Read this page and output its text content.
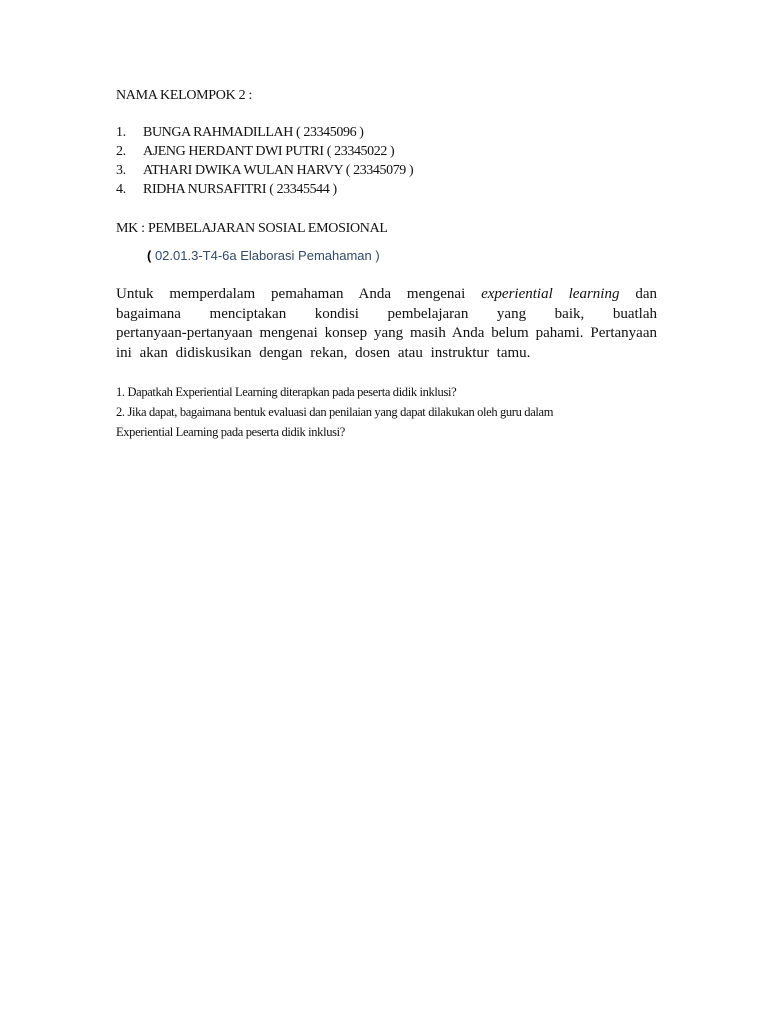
NAMA KELOMPOK 2 :
1. BUNGA RAHMADILLAH ( 23345096 )
2. AJENG HERDANT DWI PUTRI ( 23345022 )
3. ATHARI DWIKA WULAN HARVY ( 23345079 )
4. RIDHA NURSAFITRI ( 23345544 )
MK : PEMBELAJARAN SOSIAL EMOSIONAL
( 02.01.3-T4-6a Elaborasi Pemahaman )
Untuk memperdalam pemahaman Anda mengenai experiential learning dan
bagaimana menciptakan kondisi pembelajaran yang baik, buatlah
pertanyaan-pertanyaan mengenai konsep yang masih Anda belum pahami. Pertanyaan
ini akan didiskusikan dengan rekan, dosen atau instruktur tamu.

1. Dapatkah Experiential Learning diterapkan pada peserta didik inklusi?

2. Jika dapat, bagaimana bentuk evaluasi dan penilaian yang dapat dilakukan oleh guru dalam

Experiential Learning pada peserta didik inklusi?
